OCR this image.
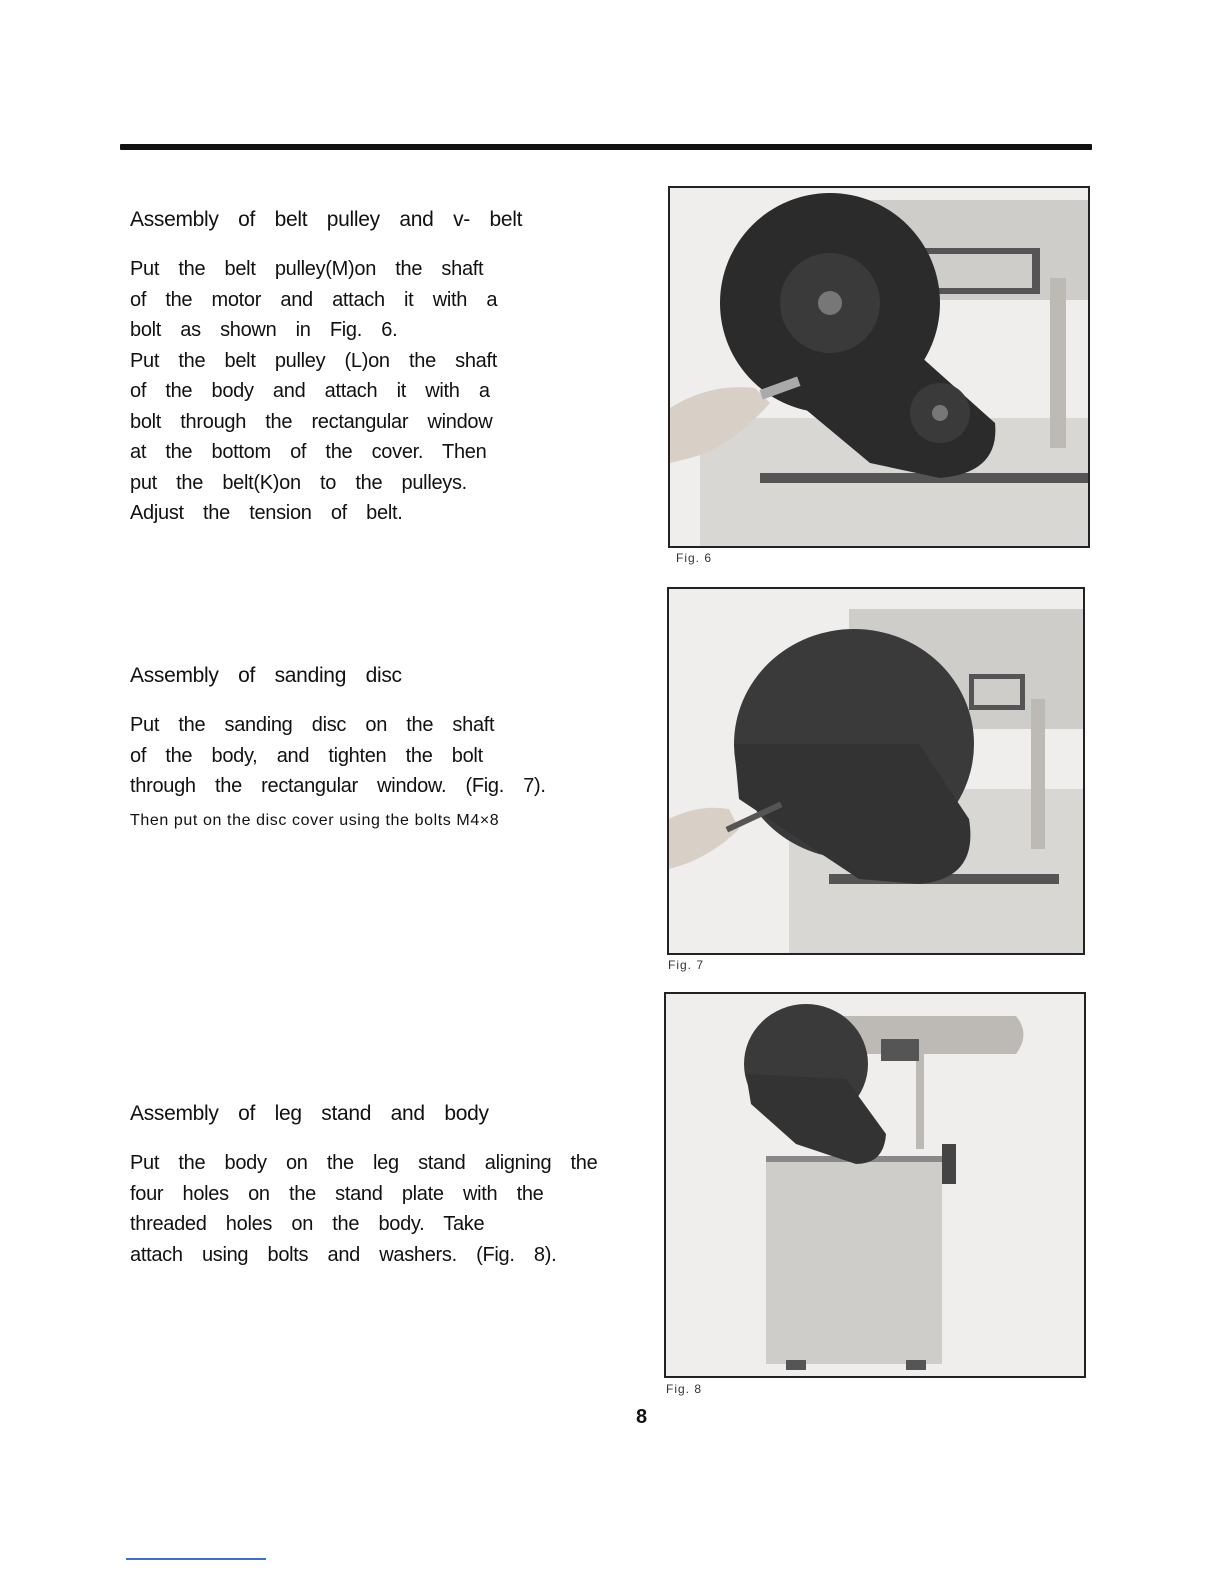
Assembly of belt pulley and v- belt
Put the belt pulley(M)on the shaft
of the motor and attach it with a
bolt as shown in Fig. 6.
Put the belt pulley (L)on the shaft
of the body and attach it with a
bolt through the rectangular window
at the bottom of the cover. Then
put the belt(K)on to the pulleys.
Adjust the tension of belt.
Assembly of sanding disc
Put the sanding disc on the shaft
of the body, and tighten the bolt
through the rectangular window. (Fig. 7).
Then put on the disc cover using the bolts M4×8
Assembly of leg stand and body
Put the body on the leg stand aligning the
four holes on the stand plate with the
threaded holes on the body. Take
attach using bolts and washers. (Fig. 8).
Fig. 6
Fig. 7
Fig. 8
8
